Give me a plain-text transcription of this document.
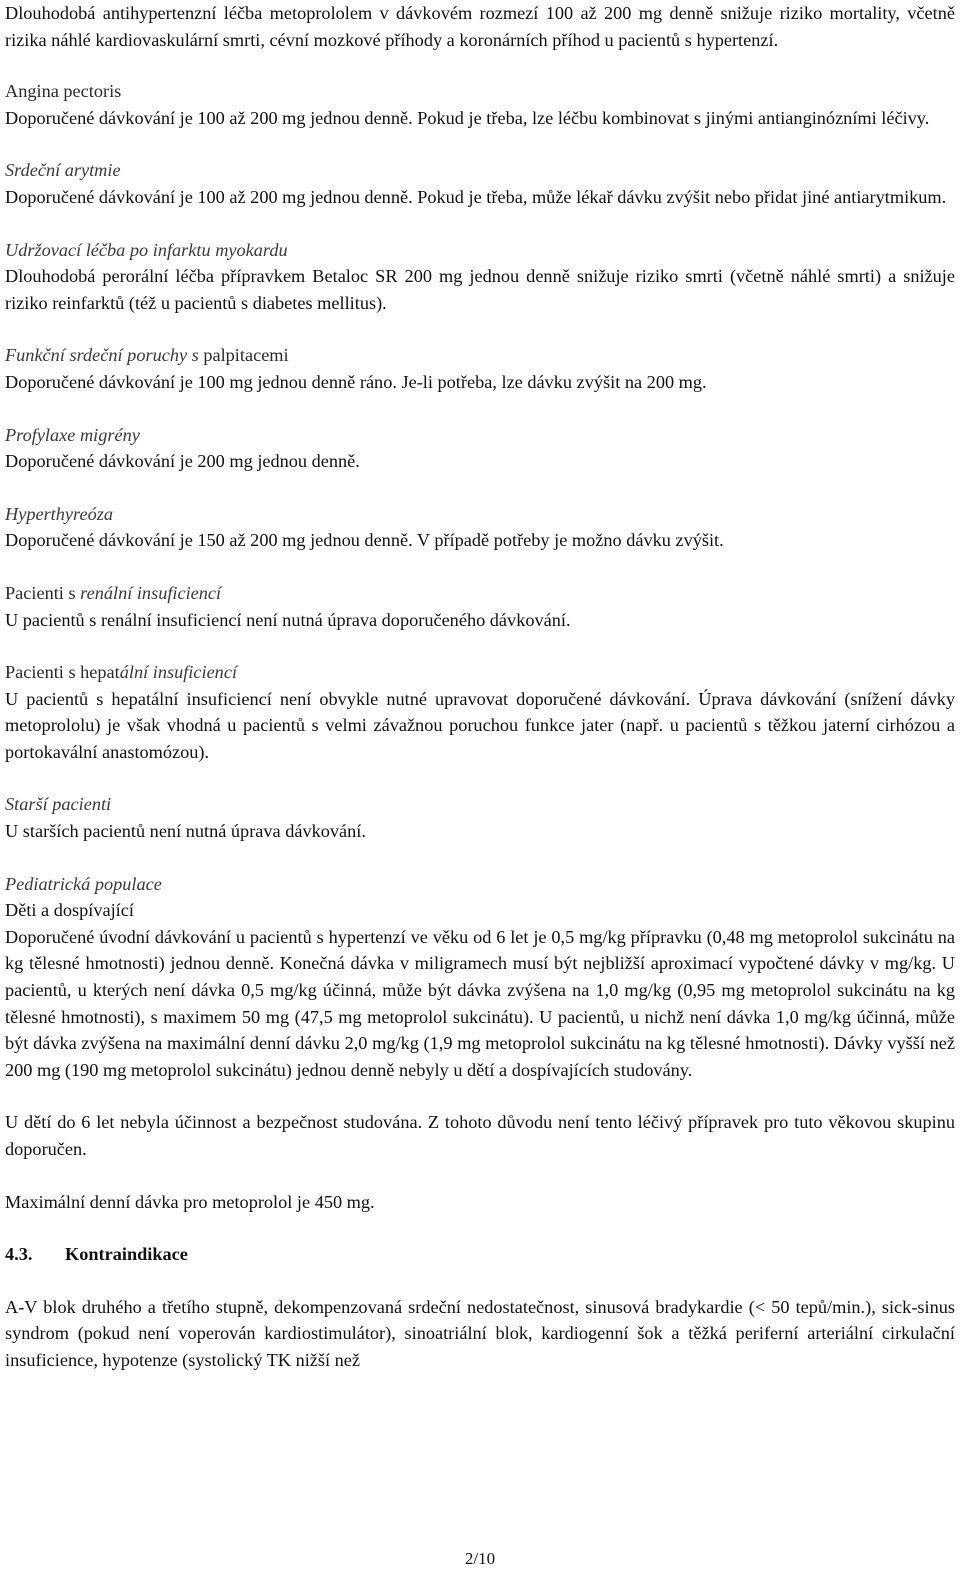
Dlouhodobá antihypertenzní léčba metoprololem v dávkovém rozmezí 100 až 200 mg denně snižuje riziko mortality, včetně rizika náhlé kardiovaskulární smrti, cévní mozkové příhody a koronárních příhod u pacientů s hypertenzí.

Angina pectoris
Doporučené dávkování je 100 až 200 mg jednou denně. Pokud je třeba, lze léčbu kombinovat s jinými antianginózními léčivy.

Srdeční arytmie
Doporučené dávkování je 100 až 200 mg jednou denně. Pokud je třeba, může lékař dávku zvýšit nebo přidat jiné antiarytmikum.

Udržovací léčba po infarktu myokardu
Dlouhodobá perorální léčba přípravkem Betaloc SR 200 mg jednou denně snižuje riziko smrti (včetně náhlé smrti) a snižuje riziko reinfarktů (též u pacientů s diabetes mellitus).

Funkční srdeční poruchy s palpitacemi
Doporučené dávkování je 100 mg jednou denně ráno. Je-li potřeba, lze dávku zvýšit na 200 mg.

Profylaxe migrény
Doporučené dávkování je 200 mg jednou denně.

Hyperthyreóza
Doporučené dávkování je 150 až 200 mg jednou denně. V případě potřeby je možno dávku zvýšit.

Pacienti s renální insuficiencí
U pacientů s renální insuficiencí není nutná úprava doporučeného dávkování.

Pacienti s hepatální insuficiencí
U pacientů s hepatální insuficiencí není obvykle nutné upravovat doporučené dávkování. Úprava dávkování (snížení dávky metoprololu) je však vhodná u pacientů s velmi závažnou poruchou funkce jater (např. u pacientů s těžkou jaterní cirhózou a portokavální anastomózou).

Starší pacienti
U starších pacientů není nutná úprava dávkování.

Pediatrická populace
Děti a dospívající
Doporučené úvodní dávkování u pacientů s hypertenzí ve věku od 6 let je 0,5 mg/kg přípravku (0,48 mg metoprolol sukcinátu na kg tělesné hmotnosti) jednou denně. Konečná dávka v miligramech musí být nejbližší aproximací vypočtené dávky v mg/kg. U pacientů, u kterých není dávka 0,5 mg/kg účinná, může být dávka zvýšena na 1,0 mg/kg (0,95 mg metoprolol sukcinátu na kg tělesné hmotnosti), s maximem 50 mg (47,5 mg metoprolol sukcinátu). U pacientů, u nichž není dávka 1,0 mg/kg účinná, může být dávka zvýšena na maximální denní dávku 2,0 mg/kg (1,9 mg metoprolol sukcinátu na kg tělesné hmotnosti). Dávky vyšší než 200 mg (190 mg metoprolol sukcinátu) jednou denně nebyly u dětí a dospívajících studovány.

U dětí do 6 let nebyla účinnost a bezpečnost studována. Z tohoto důvodu není tento léčivý přípravek pro tuto věkovou skupinu doporučen.

Maximální denní dávka pro metoprolol je 450 mg.

4.3. Kontraindikace

A-V blok druhého a třetího stupně, dekompenzovaná srdeční nedostatečnost, sinusová bradykardie (< 50 tepů/min.), sick-sinus syndrom (pokud není voperován kardiostimulátor), sinoatriální blok, kardiogenní šok a těžká periferní arteriální cirkulační insuficience, hypotenze (systolický TK nižší než

2/10
